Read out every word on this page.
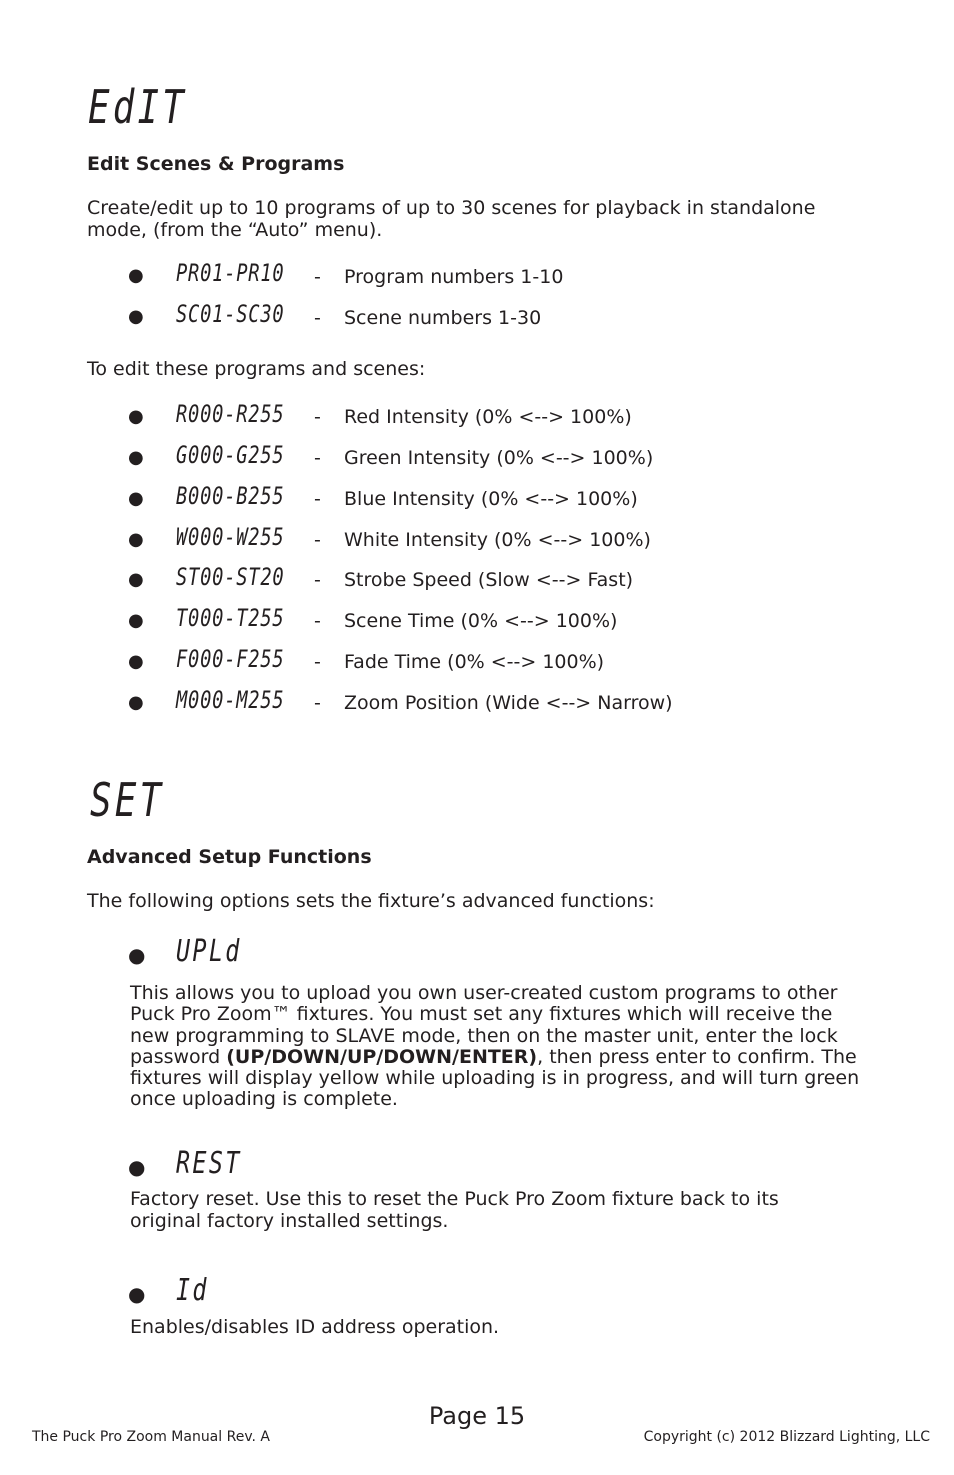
EdIT
Edit Scenes & Programs
Create/edit up to 10 programs of up to 30 scenes for playback in standalone mode, (from the “Auto” menu).
● PR01-PR10 - Program numbers 1-10
● SC01-SC30 - Scene numbers 1-30
To edit these programs and scenes:
● R000-R255 - Red Intensity (0% <--> 100%)
● G000-G255 - Green Intensity (0% <--> 100%)
● B000-B255 - Blue Intensity (0% <--> 100%)
● W000-W255 - White Intensity (0% <--> 100%)
● ST00-ST20 - Strobe Speed (Slow <--> Fast)
● T000-T255 - Scene Time (0% <--> 100%)
● F000-F255 - Fade Time (0% <--> 100%)
● M000-M255 - Zoom Position (Wide <--> Narrow)
SET
Advanced Setup Functions
The following options sets the fixture’s advanced functions:
● UPLd
This allows you to upload you own user-created custom programs to other Puck Pro Zoom™ fixtures. You must set any fixtures which will receive the new programming to SLAVE mode, then on the master unit, enter the lock password (UP/DOWN/UP/DOWN/ENTER), then press enter to confirm. The fixtures will display yellow while uploading is in progress, and will turn green once uploading is complete.
● REST
Factory reset. Use this to reset the Puck Pro Zoom fixture back to its original factory installed settings.
● Id
Enables/disables ID address operation.
Page 15
The Puck Pro Zoom Manual Rev. A	Copyright (c) 2012 Blizzard Lighting, LLC
